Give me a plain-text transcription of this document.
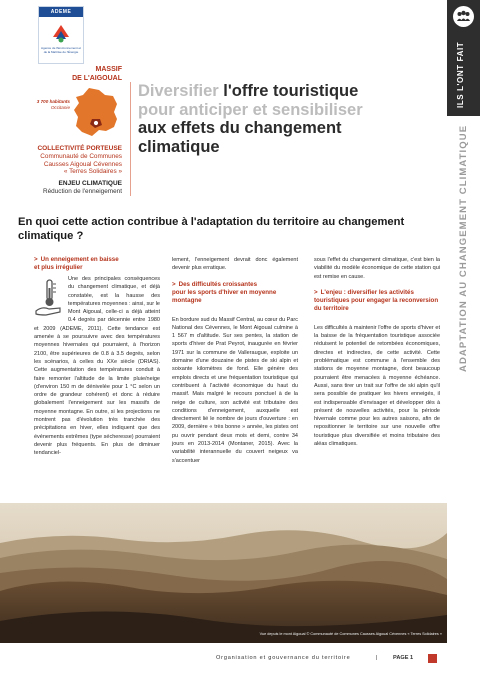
ADEME
Agence de l'Environnement et de la Maîtrise de l'Énergie	ILS L'ONT FAIT
ADAPTATION AU CHANGEMENT CLIMATIQUE
MASSIF
DE L'AIGOUAL
3 700 habitants
Occitanie
COLLECTIVITÉ PORTEUSE
Communauté de Communes
Causses Aigoual Cévennes
« Terres Solidaires »
ENJEU CLIMATIQUE
Réduction de l'enneigement
Diversifier l'offre touristique
pour anticiper et sensibiliser
aux effets du changement
climatique
En quoi cette action contribue à l'adaptation du territoire au changement climatique ?
> Un enneigement en baisse
et plus irrégulier

Une des principales conséquences du changement climatique, et déjà constatée, est la hausse des températures moyennes : ainsi, sur le Mont Aigoual, celle-ci a déjà atteint 0.4 degrés par décennie entre 1980 et 2009 (ADEME, 2011). Cette tendance est amenée à se poursuivre avec des températures moyennes hivernales qui pourraient, à l'horizon 2100, être supérieures de 0.8 à 3.5 degrés, selon les scénarios, à celles du XXe siècle (DRIAS). Cette augmentation des températures conduit à faire remonter l'altitude de la limite pluie/neige (d'environ 150 m de dénivelée pour 1 °C selon un ordre de grandeur cohérent) et donc à réduire globalement l'enneigement sur les massifs de moyenne montagne. En outre, si les projections ne montrent pas d'évolution très tranchée des précipitations en hiver, elles indiquent que des événements extrêmes (type sécheresse) pourraient devenir plus fréquents. En plus de diminuer tendanciel-

lement, l'enneigement devrait donc également devenir plus erratique.

> Des difficultés croissantes
pour les sports d'hiver en moyenne montagne

En bordure sud du Massif Central, au cœur du Parc National des Cévennes, le Mont Aigoual culmine à 1 567 m d'altitude. Sur ses pentes, la station de sports d'hiver de Prat Peyrot, inaugurée en février 1971 sur la commune de Valleraugue, exploite un domaine d'une douzaine de pistes de ski alpin et soixante kilomètres de fond. Elle génère des emplois directs et une fréquentation touristique qui contribuent à l'activité économique du haut du massif. Mais malgré le recours ponctuel à de la neige de culture, son activité est tributaire des conditions d'enneigement, auxquelle est directement lié le nombre de jours d'ouverture : en 2009, dernière « très bonne » année, les pistes ont pu ouvrir pendant deux mois et demi, contre 34 jours en 2013-2014 (Montaner, 2015). Avec la variabilité interannuelle du couvert neigeux va s'accentuer

sous l'effet du changement climatique, c'est bien la viabilité du modèle économique de cette station qui est remise en cause.

> L'enjeu : diversifier les activités
touristiques pour engager la reconversion du territoire

Les difficultés à maintenir l'offre de sports d'hiver et la baisse de la fréquentation touristique associée réduisent le potentiel de retombées économiques, directes et indirectes, de cette activité. Cette problématique est commune à l'ensemble des stations de moyenne montagne, dont beaucoup pourraient être menacées à moyenne échéance. Aussi, sans tirer un trait sur l'offre de ski alpin qu'il sera possible de pratiquer les hivers enneigés, il est indispensable d'envisager et développer dès à présent de nouvelles activités, pour la période hivernale comme pour les autres saisons, afin de repositionner le territoire sur une nouvelle offre touristique plus diversifiée et moins tributaire des aléas climatiques.

Vue depuis le mont Aigoual © Communauté de Communes Causses Aigoual Cévennes « Terres Solidaires »
Organisation et gouvernance du territoire	|	PAGE 1
